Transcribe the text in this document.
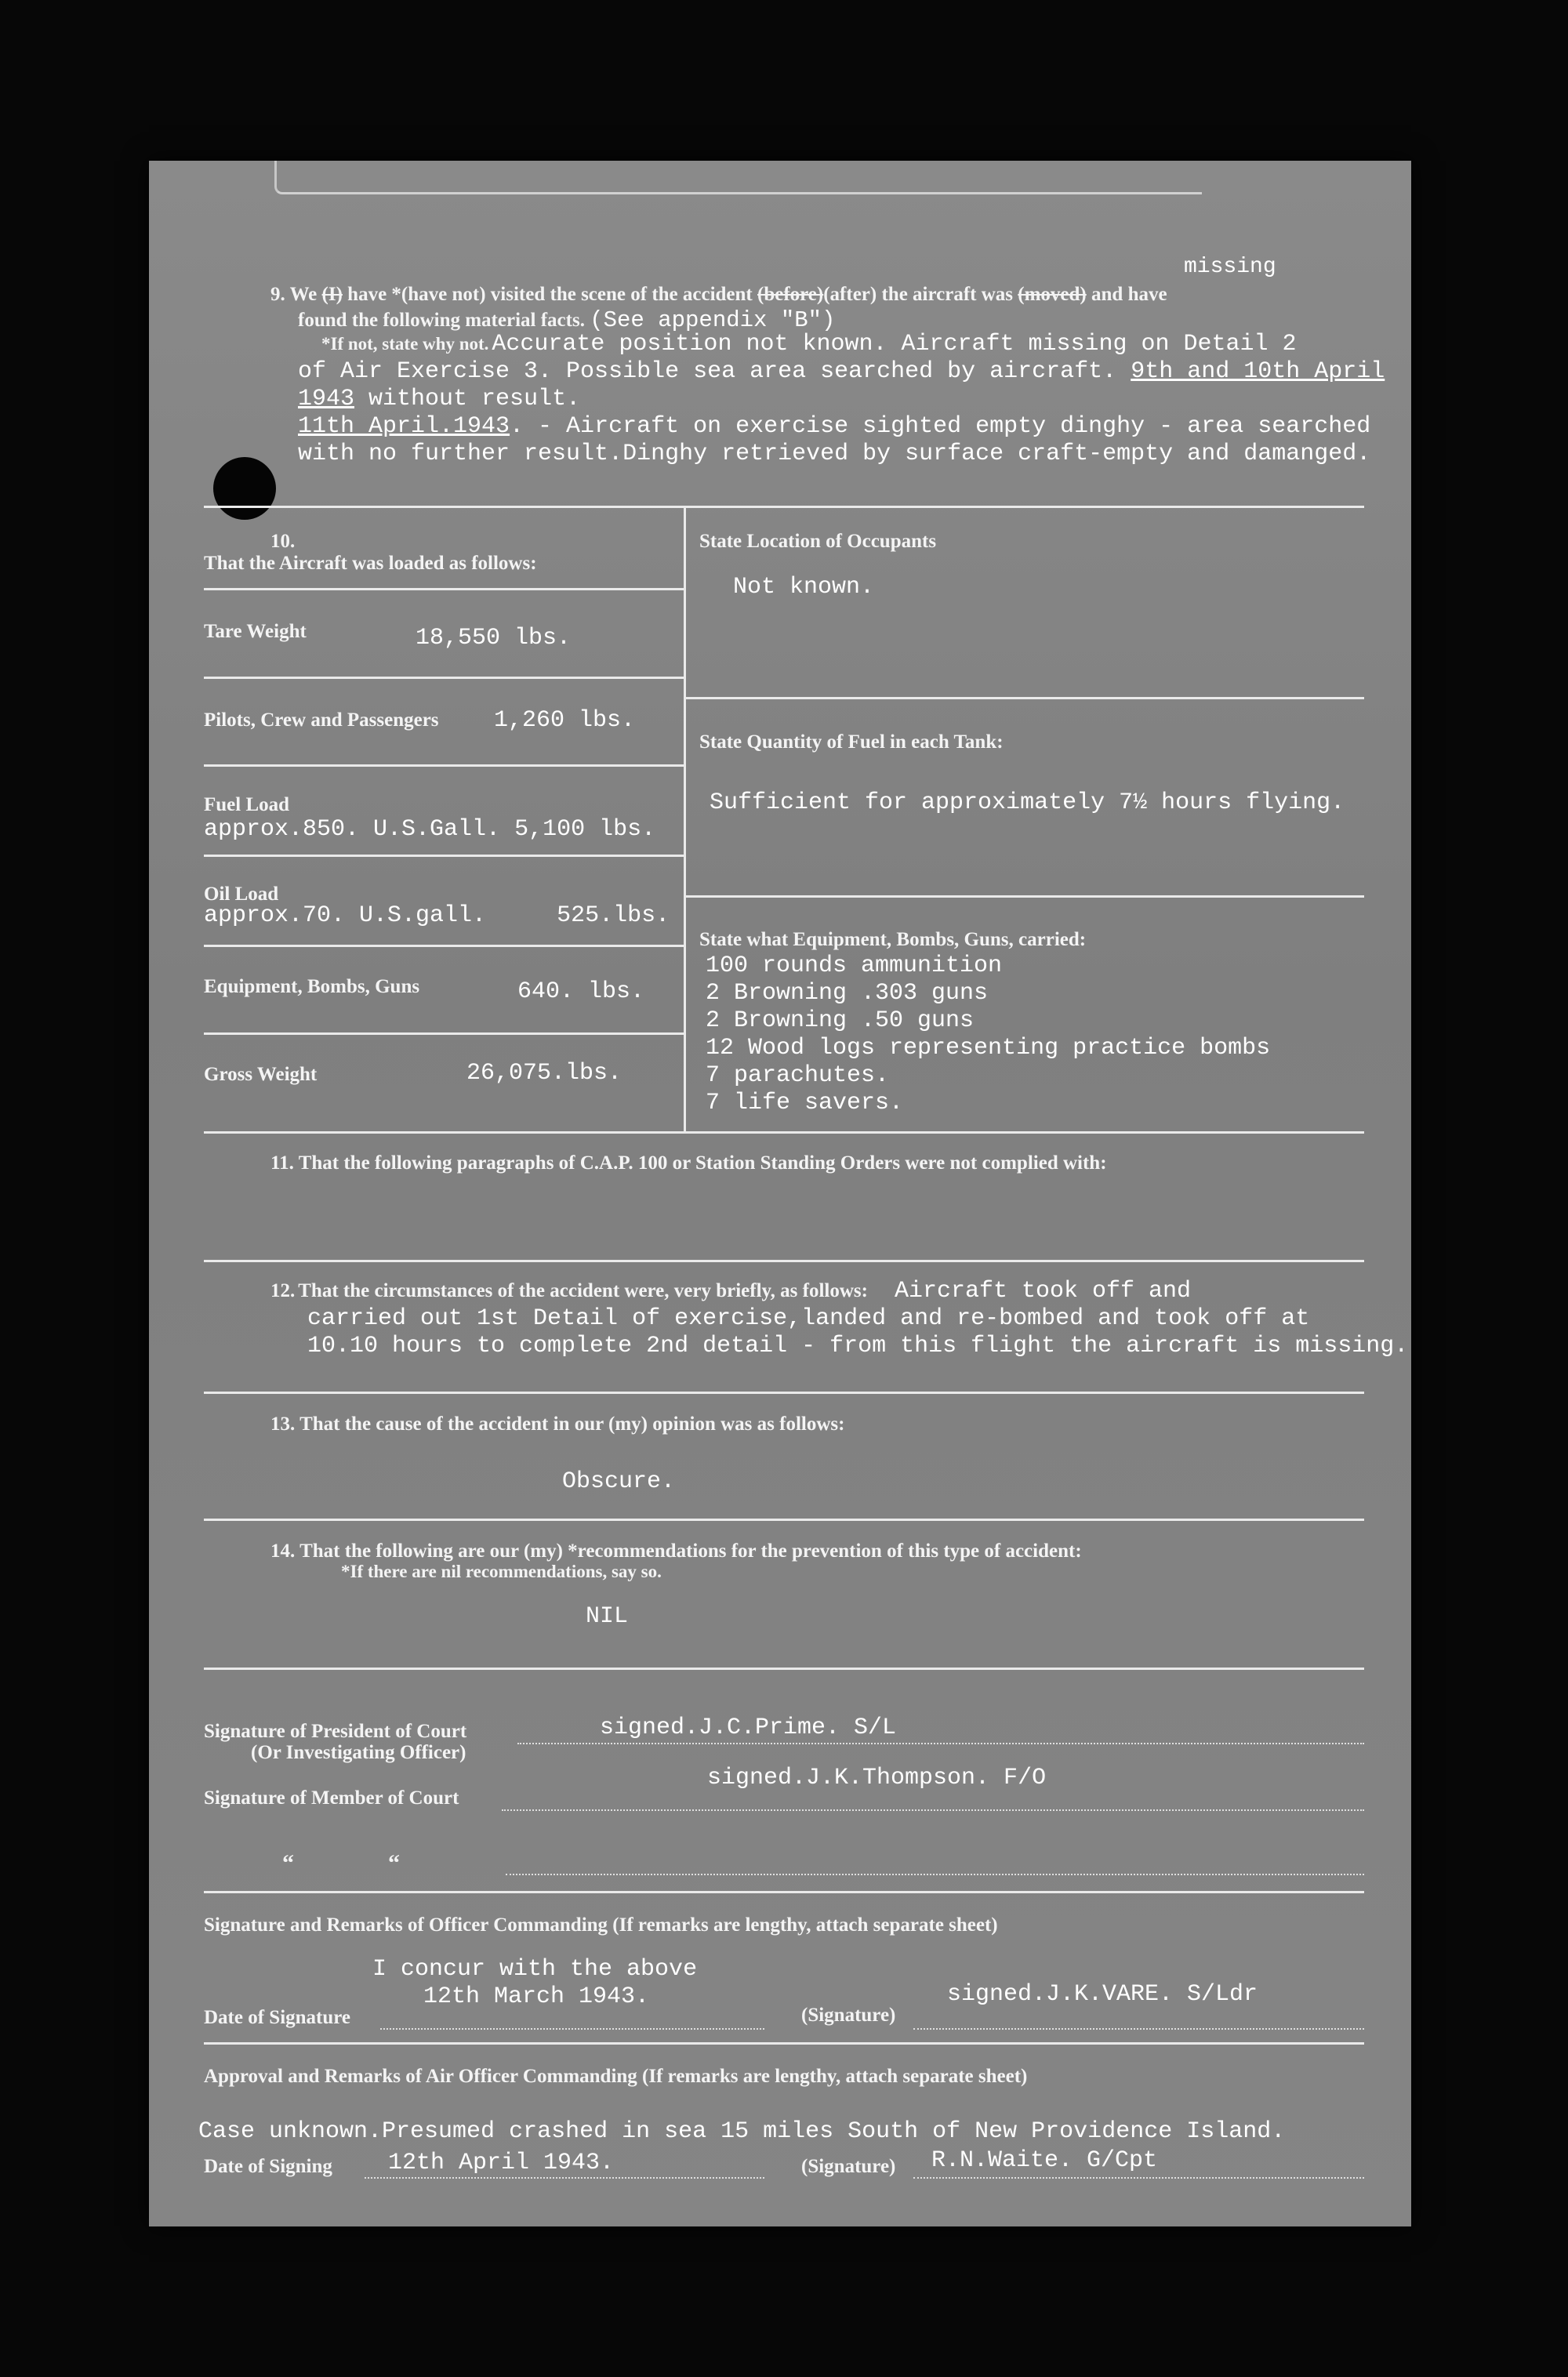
missing
9. We (I) have *(have not) visited the scene of the accident (before)(after) the aircraft was (moved) and have
found the following material facts. (See appendix "B")
*If not, state why not. Accurate position not known. Aircraft missing on Detail 2
of Air Exercise 3. Possible sea area searched by aircraft. 9th and 10th April
1943 without result.
11th April.1943. - Aircraft on exercise sighted empty dinghy - area searched
with no further result.Dinghy retrieved by surface craft-empty and damanged.
10.
That the Aircraft was loaded as follows:
Tare Weight	18,550 lbs.
Pilots, Crew and Passengers 1,260 lbs.
Fuel Load
approx.850. U.S.Gall. 5,100 lbs.
Oil Load
approx.70. U.S.gall.     525.lbs.
Equipment, Bombs, Guns	640. lbs.
Gross Weight	26,075.lbs.
State Location of Occupants
Not known.
State Quantity of Fuel in each Tank:
Sufficient for approximately 7½ hours flying.
State what Equipment, Bombs, Guns, carried:
100 rounds ammunition
2 Browning .303 guns
2 Browning .50 guns
12 Wood logs representing practice bombs
7 parachutes.
7 life savers.
11. That the following paragraphs of C.A.P. 100 or Station Standing Orders were not complied with:
12. That the circumstances of the accident were, very briefly, as follows: Aircraft took off and
carried out 1st Detail of exercise,landed and re-bombed and took off at
10.10 hours to complete 2nd detail - from this flight the aircraft is missing.
13. That the cause of the accident in our (my) opinion was as follows:
Obscure.
14. That the following are our (my) *recommendations for the prevention of this type of accident:
*If there are nil recommendations, say so.
NIL
Signature of President of Court	signed.J.C.Prime. S/L
(Or Investigating Officer)
Signature of Member of Court
signed.J.K.Thompson. F/O
“	“
Signature and Remarks of Officer Commanding (If remarks are lengthy, attach separate sheet)
I concur with the above
Date of Signature
12th March 1943.
(Signature)
signed.J.K.VARE. S/Ldr
Approval and Remarks of Air Officer Commanding (If remarks are lengthy, attach separate sheet)
Case unknown.Presumed crashed in sea 15 miles South of New Providence Island.
Date of Signing 12th April 1943.	(Signature) R.N.Waite. G/Cpt
